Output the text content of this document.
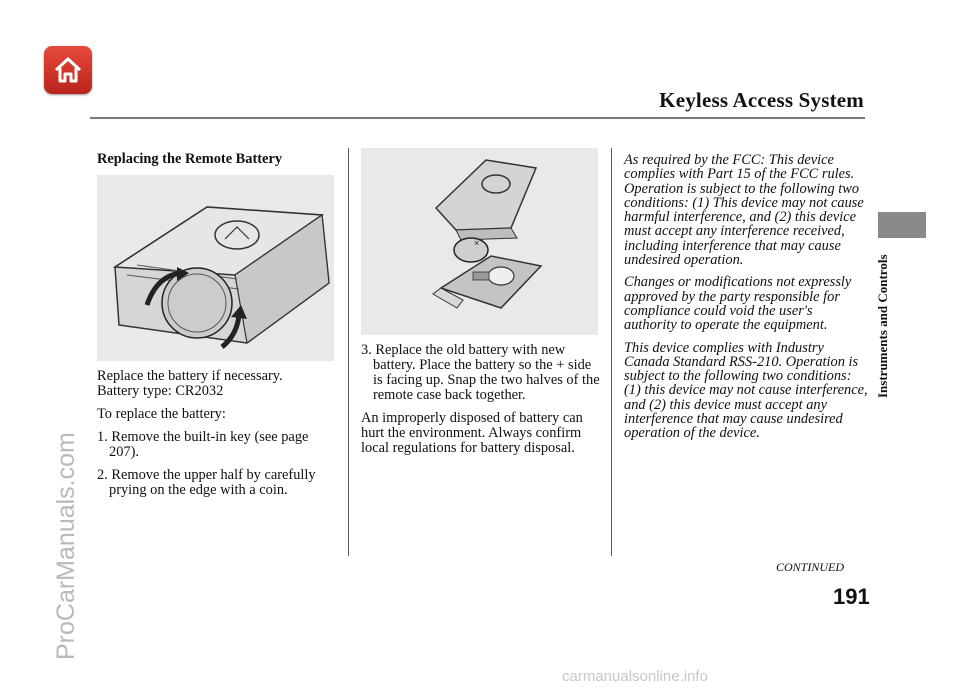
Keyless Access System
Instruments and Controls
ProCarManuals.com
Replacing the Remote Battery

Replace the battery if necessary.

Battery type: CR2032

To replace the battery:

1. Remove the built-in key (see page 207).
2. Remove the upper half by carefully prying on the edge with a coin.
×
3. Replace the old battery with new battery. Place the battery so the + side is facing up. Snap the two halves of the remote case back together.

An improperly disposed of battery can hurt the environment. Always confirm local regulations for battery disposal.

As required by the FCC: This device complies with Part 15 of the FCC rules. Operation is subject to the following two conditions: (1) This device may not cause harmful interference, and (2) this device must accept any interference received, including interference that may cause undesired operation.

Changes or modifications not expressly approved by the party responsible for compliance could void the user's authority to operate the equipment.

This device complies with Industry Canada Standard RSS-210. Operation is subject to the following two conditions: (1) this device may not cause interference, and (2) this device must accept any interference that may cause undesired operation of the device.

CONTINUED
191
carmanualsonline.info
